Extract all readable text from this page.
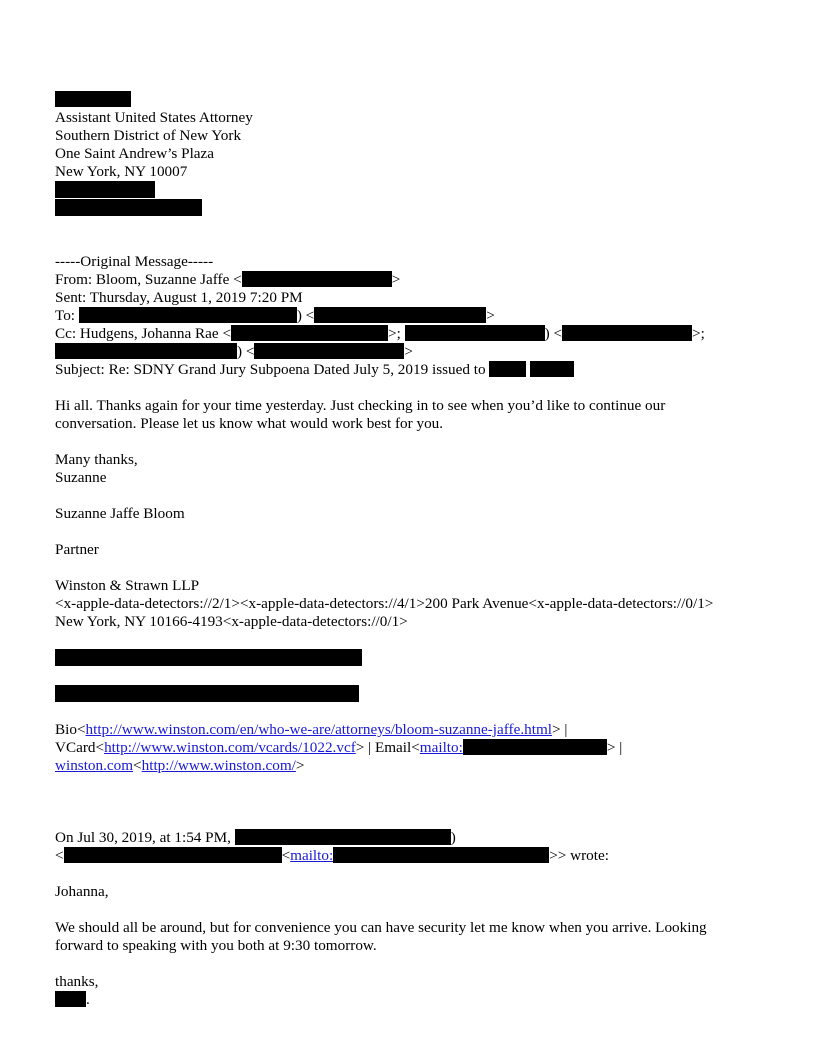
Assistant United States Attorney
Southern District of New York
One Saint Andrew’s Plaza
New York, NY 10007
-----Original Message-----
From: Bloom, Suzanne Jaffe <	>
Sent: Thursday, August 1, 2019 7:20 PM
To:	) <	>
Cc: Hudgens, Johanna Rae <	>;	) <	>;
) <	>
Subject: Re: SDNY Grand Jury Subpoena Dated July 5, 2019 issued to
Hi all. Thanks again for your time yesterday. Just checking in to see when you’d like to continue our
conversation. Please let us know what would work best for you.
Many thanks,
Suzanne
Suzanne Jaffe Bloom
Partner
Winston & Strawn LLP
<x-apple-data-detectors://2/1><x-apple-data-detectors://4/1>200 Park Avenue<x-apple-data-detectors://0/1>
New York, NY 10166-4193<x-apple-data-detectors://0/1>
Bio<http://www.winston.com/en/who-we-are/attorneys/bloom-suzanne-jaffe.html> |
VCard<http://www.winston.com/vcards/1022.vcf> | Email<mailto:	> |
winston.com<http://www.winston.com/>
On Jul 30, 2019, at 1:54 PM,	)
<	<mailto:	>> wrote:
Johanna,
We should all be around, but for convenience you can have security let me know when you arrive. Looking
forward to speaking with you both at 9:30 tomorrow.
thanks,
.
